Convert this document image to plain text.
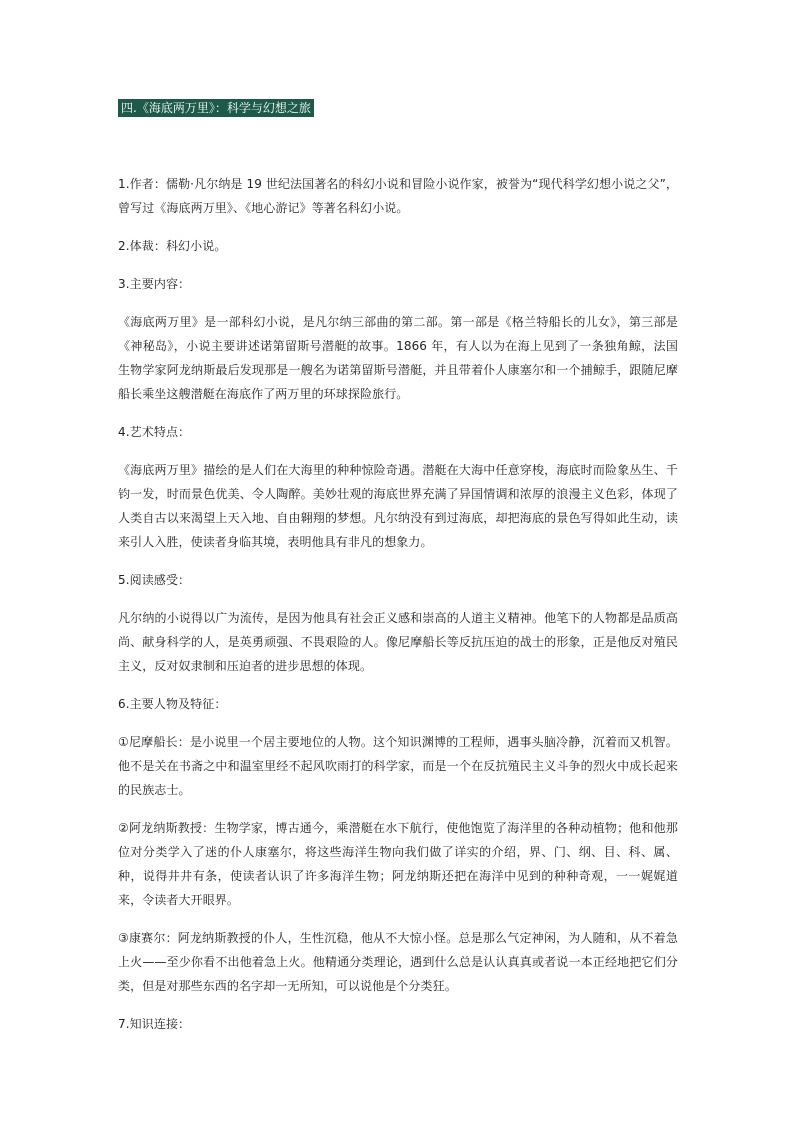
四.《海底两万里》：科学与幻想之旅

1.作者：儒勒·凡尔纳是 19 世纪法国著名的科幻小说和冒险小说作家，被誉为“现代科学幻想小说之父”，曾写过《海底两万里》、《地心游记》等著名科幻小说。

2.体裁：科幻小说。

3.主要内容：

《海底两万里》是一部科幻小说，是凡尔纳三部曲的第二部。第一部是《格兰特船长的儿女》，第三部是《神秘岛》，小说主要讲述诺第留斯号潜艇的故事。1866 年，有人以为在海上见到了一条独角鲸，法国生物学家阿龙纳斯最后发现那是一艘名为诺第留斯号潜艇，并且带着仆人康塞尔和一个捕鲸手，跟随尼摩船长乘坐这艘潜艇在海底作了两万里的环球探险旅行。

4.艺术特点：

《海底两万里》描绘的是人们在大海里的种种惊险奇遇。潜艇在大海中任意穿梭，海底时而险象丛生、千钧一发，时而景色优美、令人陶醉。美妙壮观的海底世界充满了异国情调和浓厚的浪漫主义色彩，体现了人类自古以来渴望上天入地、自由翱翔的梦想。凡尔纳没有到过海底，却把海底的景色写得如此生动，读来引人入胜，使读者身临其境，表明他具有非凡的想象力。

5.阅读感受：

凡尔纳的小说得以广为流传，是因为他具有社会正义感和崇高的人道主义精神。他笔下的人物都是品质高尚、献身科学的人，是英勇顽强、不畏艰险的人。像尼摩船长等反抗压迫的战士的形象，正是他反对殖民主义，反对奴隶制和压迫者的进步思想的体现。

6.主要人物及特征：

①尼摩船长：是小说里一个居主要地位的人物。这个知识渊博的工程师，遇事头脑冷静，沉着而又机智。他不是关在书斋之中和温室里经不起风吹雨打的科学家，而是一个在反抗殖民主义斗争的烈火中成长起来的民族志士。

②阿龙纳斯教授：生物学家，博古通今，乘潜艇在水下航行，使他饱览了海洋里的各种动植物；他和他那位对分类学入了迷的仆人康塞尔，将这些海洋生物向我们做了详实的介绍，界、门、纲、目、科、属、种，说得井井有条，使读者认识了许多海洋生物；阿龙纳斯还把在海洋中见到的种种奇观，一一娓娓道来，令读者大开眼界。

③康赛尔：阿龙纳斯教授的仆人，生性沉稳，他从不大惊小怪。总是那么气定神闲，为人随和，从不着急上火——至少你看不出他着急上火。他精通分类理论，遇到什么总是认认真真或者说一本正经地把它们分类，但是对那些东西的名字却一无所知，可以说他是个分类狂。

7.知识连接：
